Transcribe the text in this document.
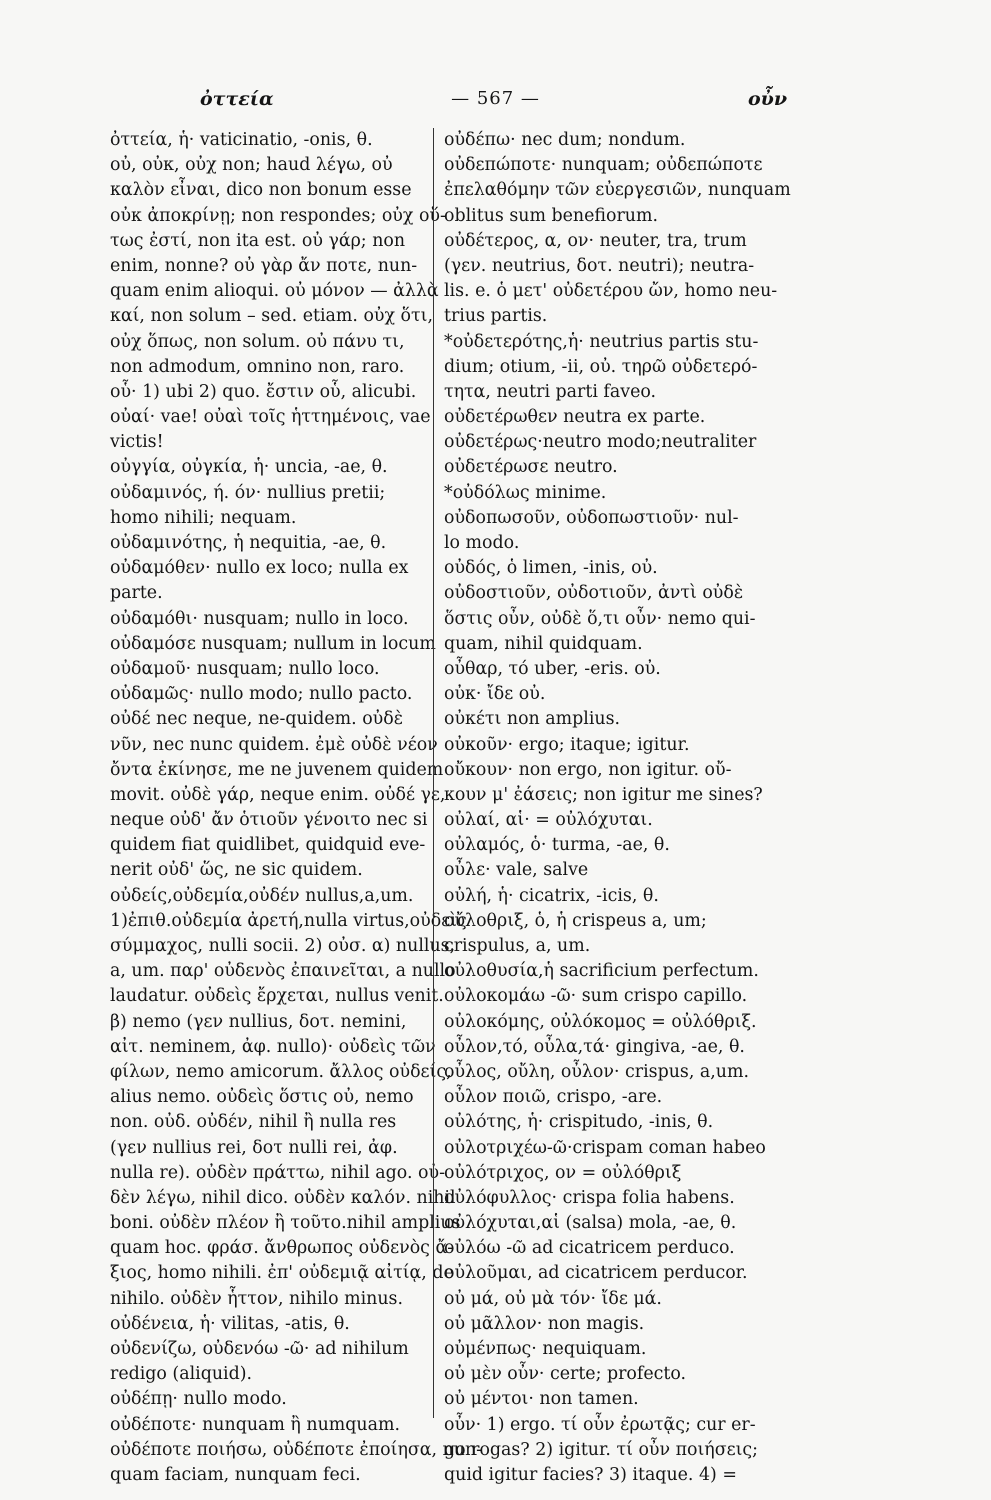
ὀττεία	— 567 —	οὖν
ὀττεία, ἡ· vaticinatio, -onis, θ.
οὐ, οὐκ, οὐχ non; haud λέγω, οὐ
καλὸν εἶναι, dico non bonum esse
οὐκ ἀποκρίνῃ; non respondes; οὐχ οὕ-
τως ἐστί, non ita est. οὐ γάρ; non
enim, nonne? οὐ γὰρ ἄν ποτε, nun-
quam enim alioqui. οὐ μόνον — ἀλλὰ
καί, non solum – sed. etiam. οὐχ ὅτι,
οὐχ ὅπως, non solum. οὐ πάνυ τι,
non admodum, omnino non, raro.
οὗ· 1) ubi 2) quo. ἔστιν οὗ, alicubi.
οὐαί· vae! οὐαὶ τοῖς ἡττημένοις, vae
victis!
οὐγγία, οὐγκία, ἡ· uncia, -ae, θ.
οὐδαμινός, ή. όν· nullius pretii;
homo nihili; nequam.
οὐδαμινότης, ἡ nequitia, -ae, θ.
οὐδαμόθεν· nullo ex loco; nulla ex
parte.
οὐδαμόθι· nusquam; nullo in loco.
οὐδαμόσε nusquam; nullum in locum
οὐδαμοῦ· nusquam; nullo loco.
οὐδαμῶς· nullo modo; nullo pacto.
οὐδέ nec neque, ne-quidem. οὐδὲ
νῦν, nec nunc quidem. ἐμὲ οὐδὲ νέον
ὄντα ἐκίνησε, me ne juvenem quidem
movit. οὐδὲ γάρ, neque enim. οὐδέ γε,
neque οὐδ' ἄν ὁτιοῦν γένοιτο nec si
quidem fiat quidlibet, quidquid eve-
nerit οὐδ' ὥς, ne sic quidem.
οὐδείς,οὐδεμία,οὐδέν nullus,a,um.
1)ἐπιθ.οὐδεμία ἀρετή,nulla virtus,οὐδεὶς
σύμμαχος, nulli socii. 2) οὐσ. α) nullus,
a, um. παρ' οὐδενὸς ἐπαινεῖται, a nullo
laudatur. οὐδεὶς ἔρχεται, nullus venit.
β) nemo (γεν nullius, δοτ. nemini,
αἰτ. neminem, ἀφ. nullo)· οὐδεὶς τῶν
φίλων, nemo amicorum. ἄλλος οὐδείς,
alius nemo. οὐδεὶς ὅστις οὐ, nemo
non. οὐδ. οὐδέν, nihil ἢ nulla res
(γεν nullius rei, δοτ nulli rei, ἀφ.
nulla re). οὐδὲν πράττω, nihil ago. οὐ-
δὲν λέγω, nihil dico. οὐδὲν καλόν. nihil
boni. οὐδὲν πλέον ἢ τοῦτο.nihil amplius
quam hoc. φράσ. ἄνθρωπος οὐδενὸς ἄ-
ξιος, homo nihili. ἐπ' οὐδεμιᾷ αἰτίᾳ, de
nihilo. οὐδὲν ἧττον, nihilo minus.
οὐδένεια, ἡ· vilitas, -atis, θ.
οὐδενίζω, οὐδενόω -ῶ· ad nihilum
redigo (aliquid).
οὐδέπῃ· nullo modo.
οὐδέποτε· nunquam ἢ numquam.
οὐδέποτε ποιήσω, οὐδέποτε ἐποίησα, nun-
quam faciam, nunquam feci.
οὐδέπω· nec dum; nondum.
οὐδεπώποτε· nunquam; οὐδεπώποτε
ἐπελαθόμην τῶν εὐεργεσιῶν, nunquam
oblitus sum benefiorum.
οὐδέτερος, α, ον· neuter, tra, trum
(γεν. neutrius, δοτ. neutri); neutra-
lis. e. ὁ μετ' οὐδετέρου ὤν, homo neu-
trius partis.
*οὐδετερότης,ἡ· neutrius partis stu-
dium; otium, -ii, οὐ. τηρῶ οὐδετερό-
τητα, neutri parti faveo.
οὐδετέρωθεν neutra ex parte.
οὐδετέρως·neutro modo;neutraliter
οὐδετέρωσε neutro.
*οὐδόλως minime.
οὐδοπωσοῦν, οὐδοπωστιοῦν· nul-
lo modo.
οὐδός, ὁ limen, -inis, οὐ.
οὐδοστιοῦν, οὐδοτιοῦν, ἀντὶ οὐδὲ
ὅστις οὖν, οὐδὲ ὅ,τι οὖν· nemo qui-
quam, nihil quidquam.
οὖθαρ, τό uber, -eris. οὐ.
οὐκ· ἴδε οὐ.
οὐκέτι non amplius.
οὐκοῦν· ergo; itaque; igitur.
οὔκουν· non ergo, non igitur. οὔ-
κουν μ' ἐάσεις; non igitur me sines?
οὐλαί, αἱ· = οὐλόχυται.
οὐλαμός, ὁ· turma, -ae, θ.
οὖλε· vale, salve
οὐλή, ἡ· cicatrix, -icis, θ.
οὔλοθριξ, ὁ, ἡ crispeus a, um;
crispulus, a, um.
οὐλοθυσία,ἡ sacrificium perfectum.
οὐλοκομάω -ῶ· sum crispo capillo.
οὐλοκόμης, οὐλόκομος = οὐλόθριξ.
οὖλον,τό, οὖλα,τά· gingiva, -ae, θ.
οὖλος, οὔλη, οὖλον· crispus, a,um.
οὖλον ποιῶ, crispo, -are.
οὐλότης, ἡ· crispitudo, -inis, θ.
οὐλοτριχέω-ῶ·crispam coman habeo
οὐλότριχος, ον = οὐλόθριξ
οὐλόφυλλος· crispa folia habens.
οὐλόχυται,αἱ (salsa) mola, -ae, θ.
οὐλόω -ῶ ad cicatricem perduco.
οὐλοῦμαι, ad cicatricem perducor.
οὐ μά, οὐ μὰ τόν· ἴδε μά.
οὐ μᾶλλον· non magis.
οὐμένπως· nequiquam.
οὐ μὲν οὖν· certe; profecto.
οὐ μέντοι· non tamen.
οὖν· 1) ergo. τί οὖν ἐρωτᾷς; cur er-
go rogas? 2) igitur. τί οὖν ποιήσεις;
quid igitur facies? 3) itaque. 4) =
